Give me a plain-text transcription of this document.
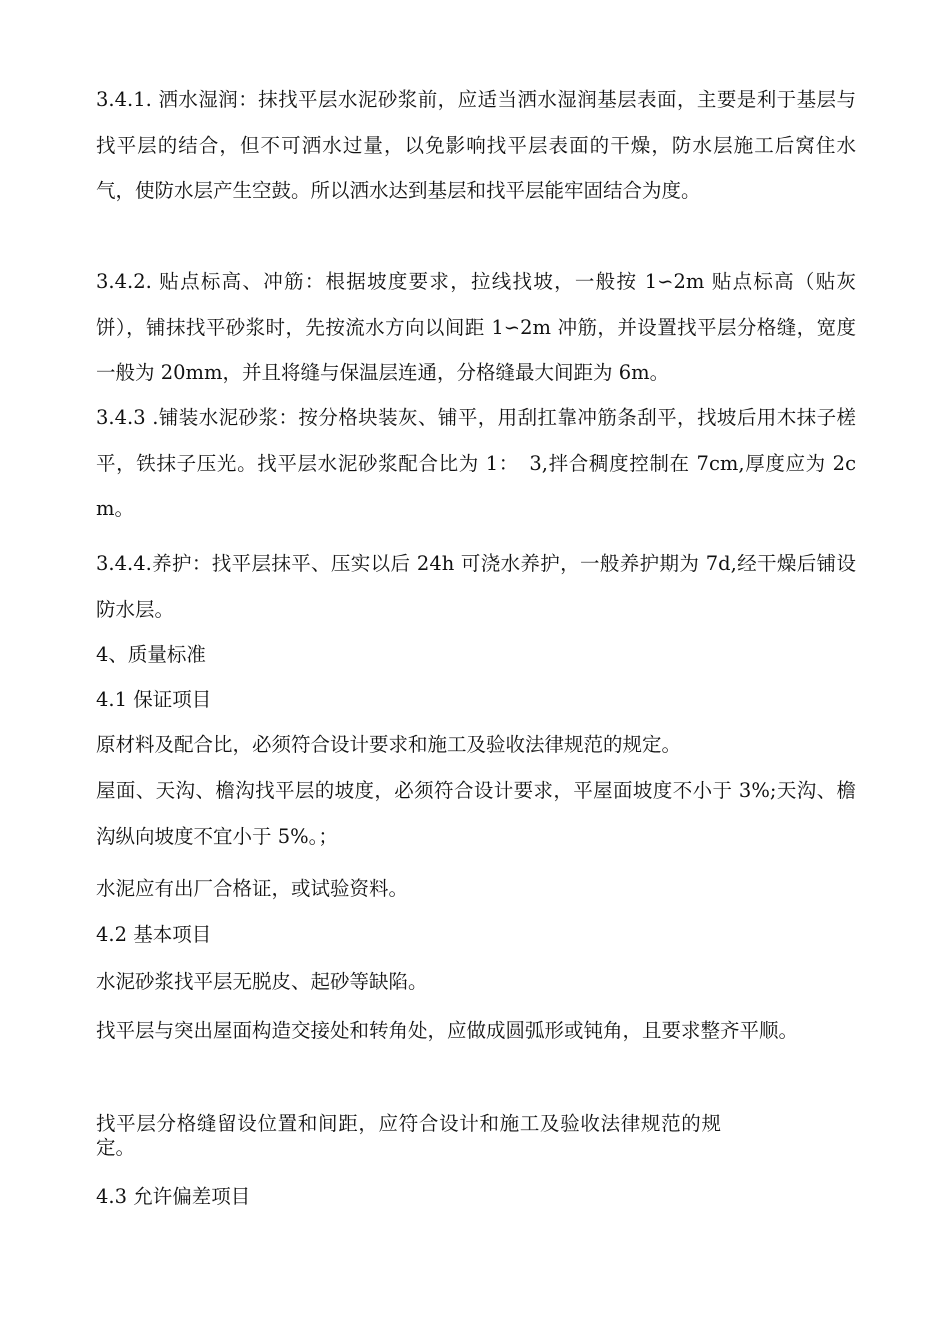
3.4.1. 洒水湿润：抹找平层水泥砂浆前，应适当洒水湿润基层表面，主要是利于基层与找平层的结合，但不可洒水过量，以免影响找平层表面的干燥，防水层施工后窝住水气，使防水层产生空鼓。所以洒水达到基层和找平层能牢固结合为度。

3.4.2. 贴点标高、冲筋：根据坡度要求，拉线找坡，一般按 1∽2m 贴点标高（贴灰饼），铺抹找平砂浆时，先按流水方向以间距 1∽2m 冲筋，并设置找平层分格缝，宽度一般为 20mm，并且将缝与保温层连通，分格缝最大间距为 6m。

3.4.3 .铺装水泥砂浆：按分格块装灰、铺平，用刮扛靠冲筋条刮平，找坡后用木抹子槎平，铁抹子压光。找平层水泥砂浆配合比为 1：　3,拌合稠度控制在 7cm,厚度应为 2cm。

3.4.4.养护：找平层抹平、压实以后 24h 可浇水养护，一般养护期为 7d,经干燥后铺设防水层。

4、质量标准

4.1 保证项目

原材料及配合比，必须符合设计要求和施工及验收法律规范的规定。

屋面、天沟、檐沟找平层的坡度，必须符合设计要求，平屋面坡度不小于 3%;天沟、檐沟纵向坡度不宜小于 5%。；

水泥应有出厂合格证，或试验资料。

4.2 基本项目

水泥砂浆找平层无脱皮、起砂等缺陷。

找平层与突出屋面构造交接处和转角处，应做成圆弧形或钝角，且要求整齐平顺。

找平层分格缝留设位置和间距，应符合设计和施工及验收法律规范的规定。

4.3 允许偏差项目
